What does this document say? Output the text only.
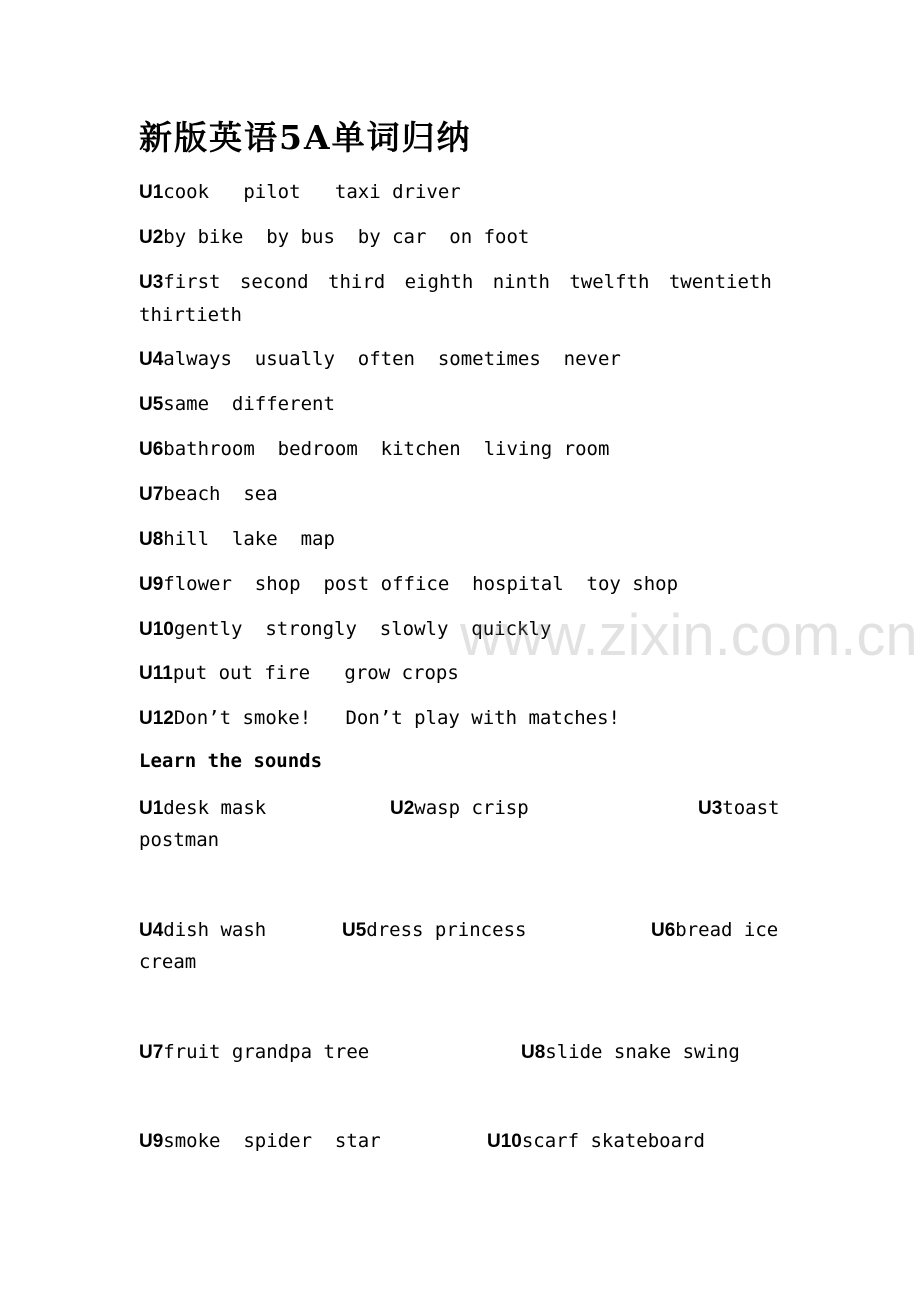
新版英语5A单词归纳
U1cook   pilot   taxi driver
U2by bike  by bus  by car  on foot
U3first second third eighth ninth twelfth twentieth thirtieth
U4always  usually  often  sometimes  never
U5same  different
U6bathroom  bedroom  kitchen  living room
U7beach  sea
U8hill  lake  map
U9flower  shop  post office  hospital  toy shop
U10gently  strongly  slowly  quickly
U11put out fire   grow crops
U12Don’t smoke!   Don’t play with matches!
Learn the sounds
U1desk mask	U2wasp crisp	U3toast
postman
U4dish wash	U5dress princess	U6bread ice
cream
U7fruit grandpa tree	U8slide snake swing
U9smoke  spider  star	U10scarf skateboard
www.zixin.com.cn
